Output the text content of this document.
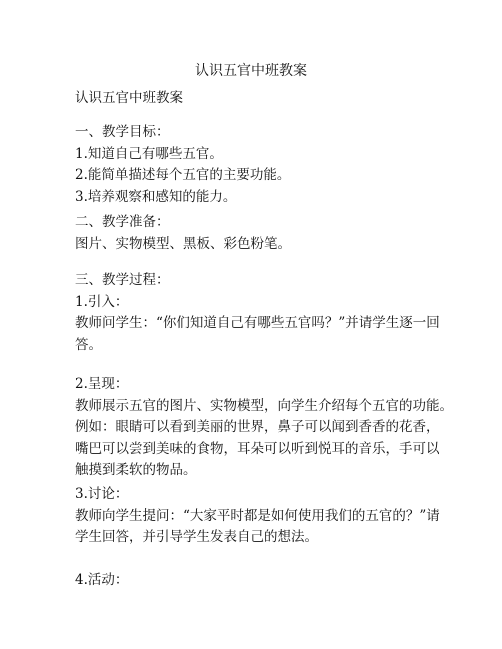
认识五官中班教案

认识五官中班教案

一、教学目标：
1.知道自己有哪些五官。
2.能简单描述每个五官的主要功能。
3.培养观察和感知的能力。
二、教学准备：
图片、实物模型、黑板、彩色粉笔。
三、教学过程：
1.引入：
教师问学生：“你们知道自己有哪些五官吗？”并请学生逐一回
答。
2.呈现：
教师展示五官的图片、实物模型，向学生介绍每个五官的功能。
例如：眼睛可以看到美丽的世界，鼻子可以闻到香香的花香，
嘴巴可以尝到美味的食物，耳朵可以听到悦耳的音乐，手可以
触摸到柔软的物品。
3.讨论：
教师向学生提问：“大家平时都是如何使用我们的五官的？”请
学生回答，并引导学生发表自己的想法。
4.活动：
